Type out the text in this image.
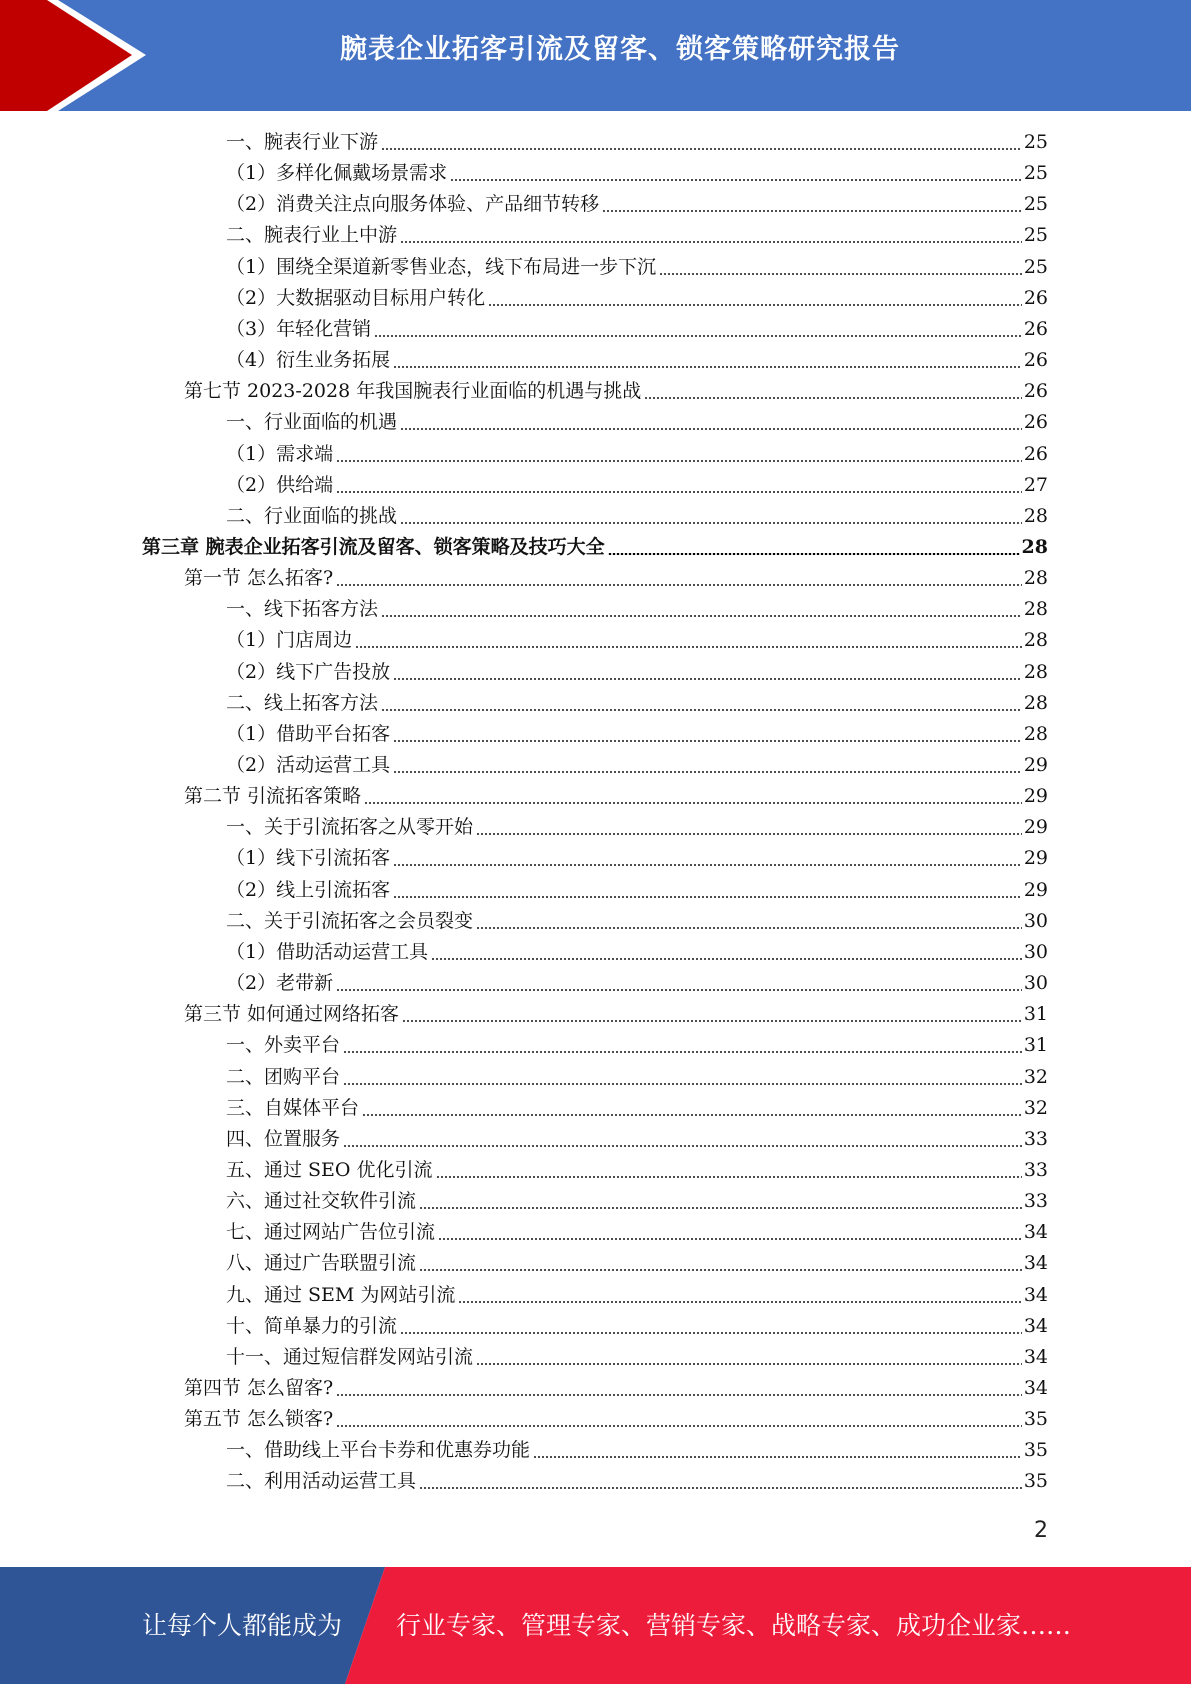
腕表企业拓客引流及留客、锁客策略研究报告
一、腕表行业下游	25
（1）多样化佩戴场景需求	25
（2）消费关注点向服务体验、产品细节转移	25
二、腕表行业上中游	25
（1）围绕全渠道新零售业态，线下布局进一步下沉	25
（2）大数据驱动目标用户转化	26
（3）年轻化营销	26
（4）衍生业务拓展	26
第七节 2023-2028 年我国腕表行业面临的机遇与挑战	26
一、行业面临的机遇	26
（1）需求端	26
（2）供给端	27
二、行业面临的挑战	28
第三章 腕表企业拓客引流及留客、锁客策略及技巧大全	28
第一节 怎么拓客?	28
一、线下拓客方法	28
（1）门店周边	28
（2）线下广告投放	28
二、线上拓客方法	28
（1）借助平台拓客	28
（2）活动运营工具	29
第二节 引流拓客策略	29
一、关于引流拓客之从零开始	29
（1）线下引流拓客	29
（2）线上引流拓客	29
二、关于引流拓客之会员裂变	30
（1）借助活动运营工具	30
（2）老带新	30
第三节 如何通过网络拓客	31
一、外卖平台	31
二、团购平台	32
三、自媒体平台	32
四、位置服务	33
五、通过 SEO 优化引流	33
六、通过社交软件引流	33
七、通过网站广告位引流	34
八、通过广告联盟引流	34
九、通过 SEM 为网站引流	34
十、简单暴力的引流	34
十一、通过短信群发网站引流	34
第四节 怎么留客?	34
第五节 怎么锁客?	35
一、借助线上平台卡券和优惠券功能	35
二、利用活动运营工具	35
2
让每个人都能成为 行业专家、管理专家、营销专家、战略专家、成功企业家……
